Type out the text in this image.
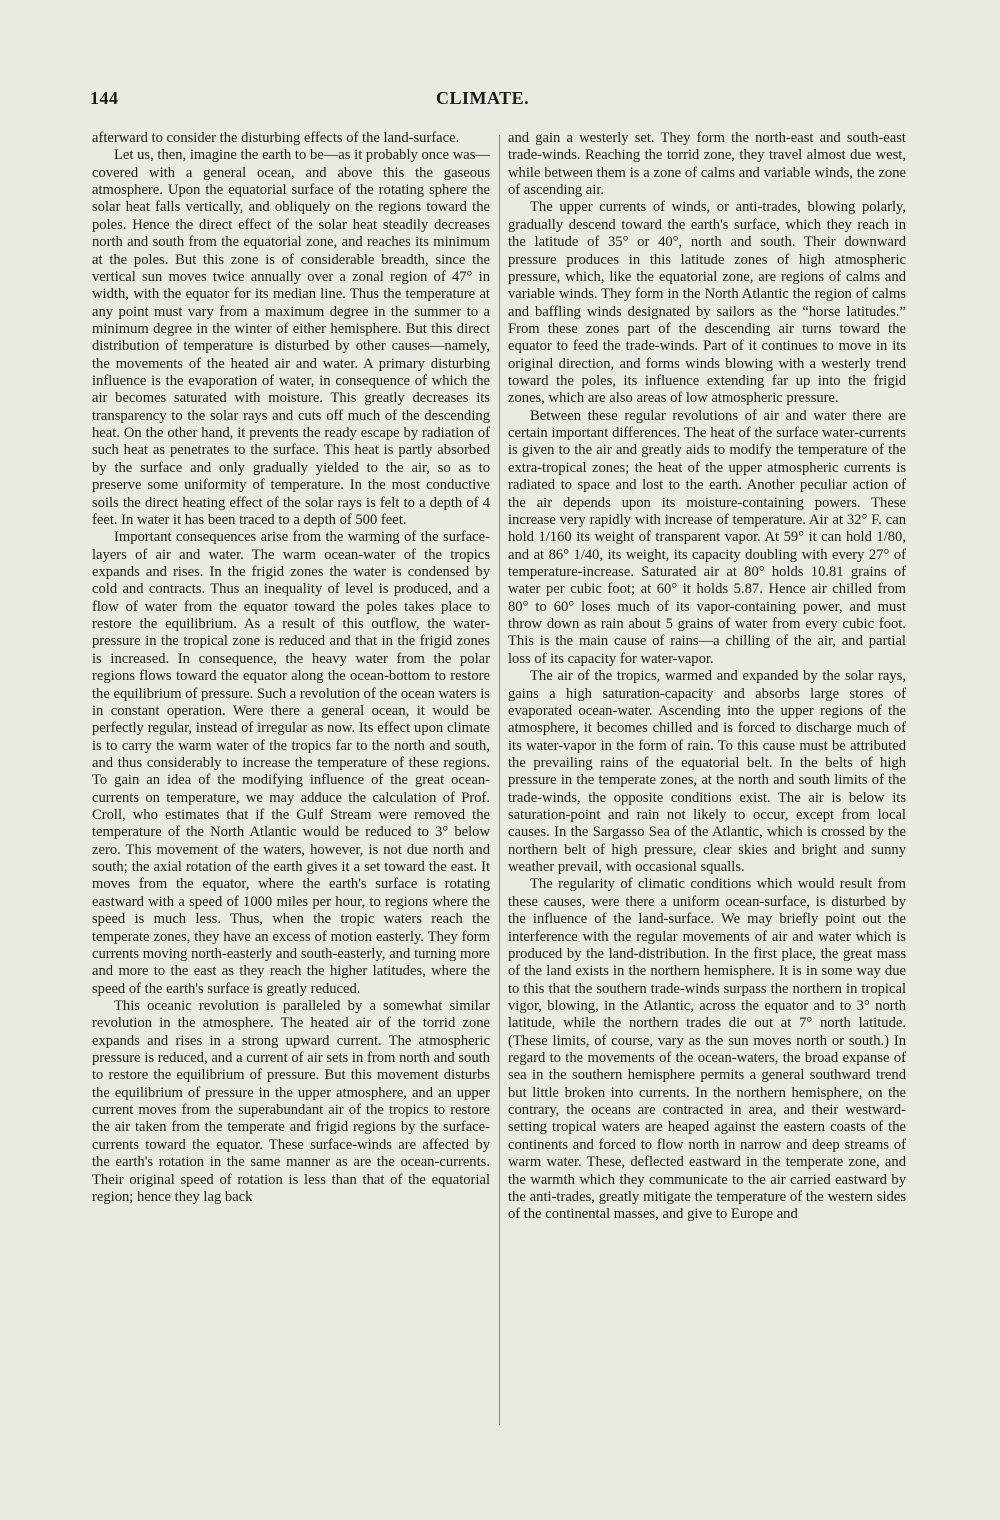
144	CLIMATE.

afterward to consider the disturbing effects of the land-surface.

Let us, then, imagine the earth to be—as it probably once was—covered with a general ocean, and above this the gaseous atmosphere. Upon the equatorial surface of the rotating sphere the solar heat falls vertically, and obliquely on the regions toward the poles. Hence the direct effect of the solar heat steadily decreases north and south from the equatorial zone, and reaches its minimum at the poles. But this zone is of considerable breadth, since the vertical sun moves twice annually over a zonal region of 47° in width, with the equator for its median line. Thus the temperature at any point must vary from a maximum degree in the summer to a minimum degree in the winter of either hemisphere. But this direct distribution of temperature is disturbed by other causes—namely, the movements of the heated air and water. A primary disturbing influence is the evaporation of water, in consequence of which the air becomes saturated with moisture. This greatly decreases its transparency to the solar rays and cuts off much of the descending heat. On the other hand, it prevents the ready escape by radiation of such heat as penetrates to the surface. This heat is partly absorbed by the surface and only gradually yielded to the air, so as to preserve some uniformity of temperature. In the most conductive soils the direct heating effect of the solar rays is felt to a depth of 4 feet. In water it has been traced to a depth of 500 feet.

Important consequences arise from the warming of the surface-layers of air and water. The warm ocean-water of the tropics expands and rises. In the frigid zones the water is condensed by cold and contracts. Thus an inequality of level is produced, and a flow of water from the equator toward the poles takes place to restore the equilibrium. As a result of this outflow, the water-pressure in the tropical zone is reduced and that in the frigid zones is increased. In consequence, the heavy water from the polar regions flows toward the equator along the ocean-bottom to restore the equilibrium of pressure. Such a revolution of the ocean waters is in constant operation. Were there a general ocean, it would be perfectly regular, instead of irregular as now. Its effect upon climate is to carry the warm water of the tropics far to the north and south, and thus considerably to increase the temperature of these regions. To gain an idea of the modifying influence of the great ocean-currents on temperature, we may adduce the calculation of Prof. Croll, who estimates that if the Gulf Stream were removed the temperature of the North Atlantic would be reduced to 3° below zero. This movement of the waters, however, is not due north and south; the axial rotation of the earth gives it a set toward the east. It moves from the equator, where the earth's surface is rotating eastward with a speed of 1000 miles per hour, to regions where the speed is much less. Thus, when the tropic waters reach the temperate zones, they have an excess of motion easterly. They form currents moving north-easterly and south-easterly, and turning more and more to the east as they reach the higher latitudes, where the speed of the earth's surface is greatly reduced.

This oceanic revolution is paralleled by a somewhat similar revolution in the atmosphere. The heated air of the torrid zone expands and rises in a strong upward current. The atmospheric pressure is reduced, and a current of air sets in from north and south to restore the equilibrium of pressure. But this movement disturbs the equilibrium of pressure in the upper atmosphere, and an upper current moves from the superabundant air of the tropics to restore the air taken from the temperate and frigid regions by the surface-currents toward the equator. These surface-winds are affected by the earth's rotation in the same manner as are the ocean-currents. Their original speed of rotation is less than that of the equatorial region; hence they lag back

and gain a westerly set. They form the north-east and south-east trade-winds. Reaching the torrid zone, they travel almost due west, while between them is a zone of calms and variable winds, the zone of ascending air.

The upper currents of winds, or anti-trades, blowing polarly, gradually descend toward the earth's surface, which they reach in the latitude of 35° or 40°, north and south. Their downward pressure produces in this latitude zones of high atmospheric pressure, which, like the equatorial zone, are regions of calms and variable winds. They form in the North Atlantic the region of calms and baffling winds designated by sailors as the “horse latitudes.” From these zones part of the descending air turns toward the equator to feed the trade-winds. Part of it continues to move in its original direction, and forms winds blowing with a westerly trend toward the poles, its influence extending far up into the frigid zones, which are also areas of low atmospheric pressure.

Between these regular revolutions of air and water there are certain important differences. The heat of the surface water-currents is given to the air and greatly aids to modify the temperature of the extra-tropical zones; the heat of the upper atmospheric currents is radiated to space and lost to the earth. Another peculiar action of the air depends upon its moisture-containing powers. These increase very rapidly with increase of temperature. Air at 32° F. can hold 1/160 its weight of transparent vapor. At 59° it can hold 1/80, and at 86° 1/40, its weight, its capacity doubling with every 27° of temperature-increase. Saturated air at 80° holds 10.81 grains of water per cubic foot; at 60° it holds 5.87. Hence air chilled from 80° to 60° loses much of its vapor-containing power, and must throw down as rain about 5 grains of water from every cubic foot. This is the main cause of rains—a chilling of the air, and partial loss of its capacity for water-vapor.

The air of the tropics, warmed and expanded by the solar rays, gains a high saturation-capacity and absorbs large stores of evaporated ocean-water. Ascending into the upper regions of the atmosphere, it becomes chilled and is forced to discharge much of its water-vapor in the form of rain. To this cause must be attributed the prevailing rains of the equatorial belt. In the belts of high pressure in the temperate zones, at the north and south limits of the trade-winds, the opposite conditions exist. The air is below its saturation-point and rain not likely to occur, except from local causes. In the Sargasso Sea of the Atlantic, which is crossed by the northern belt of high pressure, clear skies and bright and sunny weather prevail, with occasional squalls.

The regularity of climatic conditions which would result from these causes, were there a uniform ocean-surface, is disturbed by the influence of the land-surface. We may briefly point out the interference with the regular movements of air and water which is produced by the land-distribution. In the first place, the great mass of the land exists in the northern hemisphere. It is in some way due to this that the southern trade-winds surpass the northern in tropical vigor, blowing, in the Atlantic, across the equator and to 3° north latitude, while the northern trades die out at 7° north latitude. (These limits, of course, vary as the sun moves north or south.) In regard to the movements of the ocean-waters, the broad expanse of sea in the southern hemisphere permits a general southward trend but little broken into currents. In the northern hemisphere, on the contrary, the oceans are contracted in area, and their westward-setting tropical waters are heaped against the eastern coasts of the continents and forced to flow north in narrow and deep streams of warm water. These, deflected eastward in the temperate zone, and the warmth which they communicate to the air carried eastward by the anti-trades, greatly mitigate the temperature of the western sides of the continental masses, and give to Europe and
